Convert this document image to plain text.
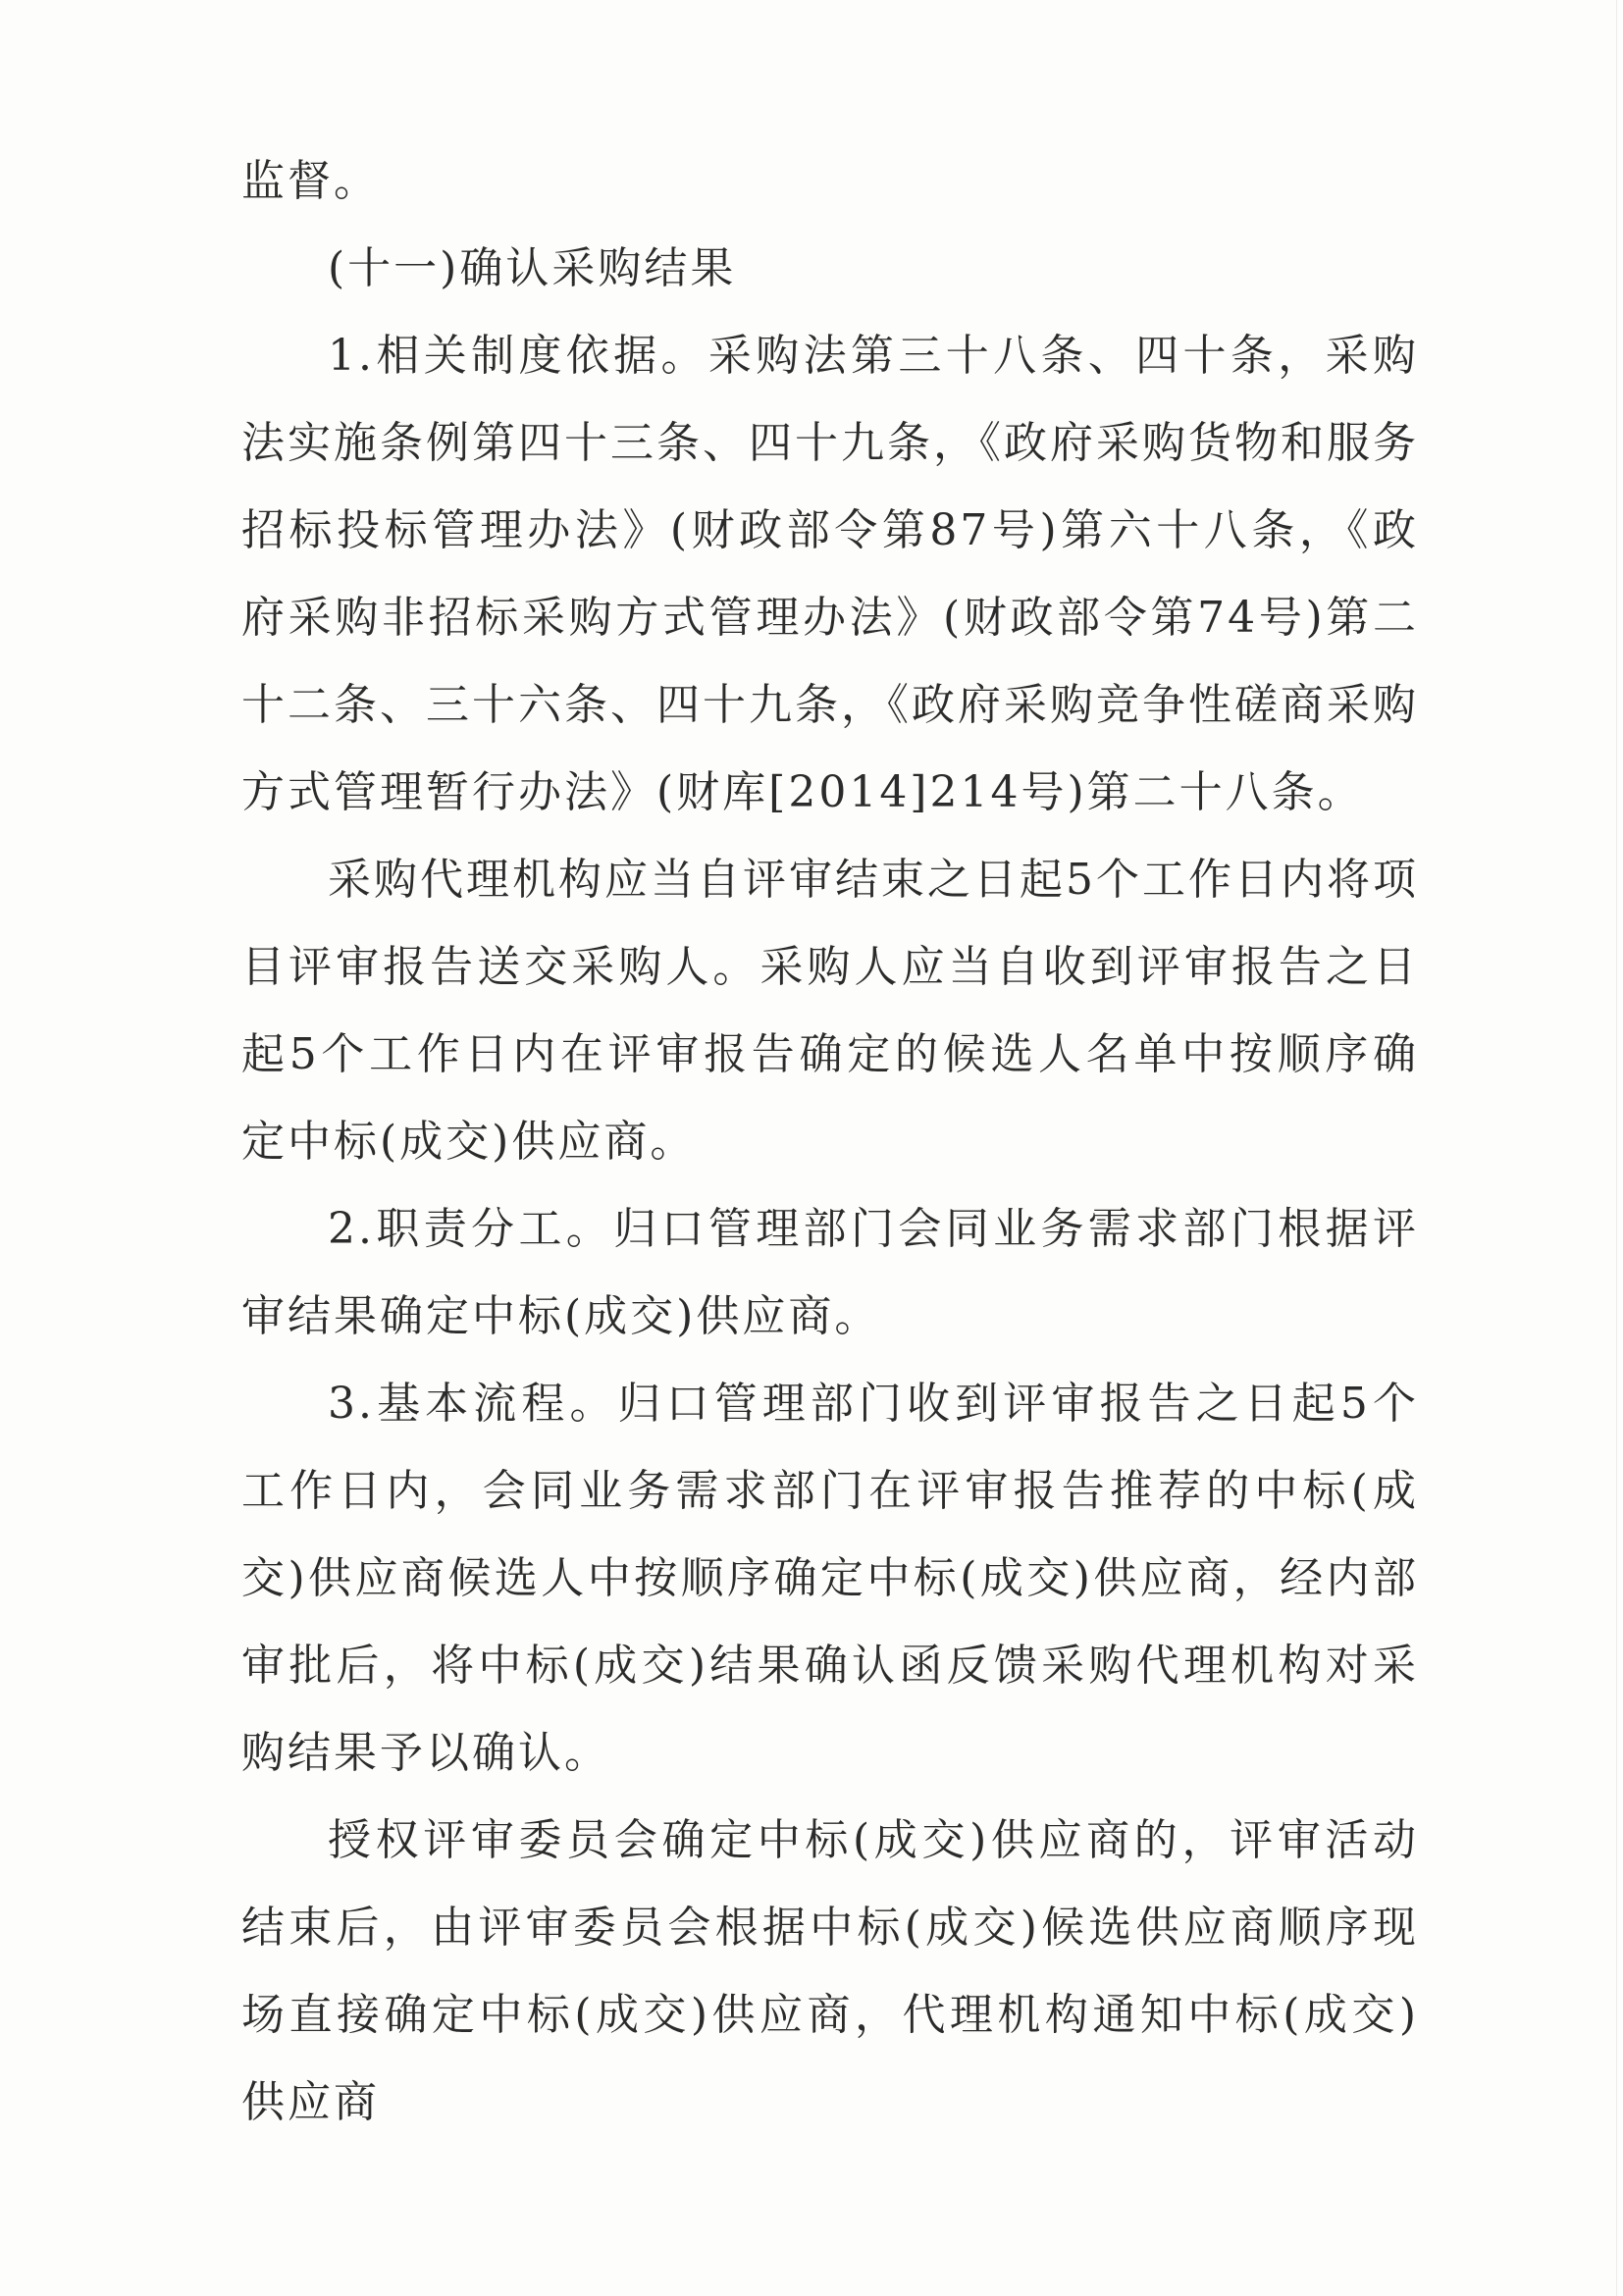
监督。

(十一)确认采购结果

1.相关制度依据。采购法第三十八条、四十条，采购法实施条例第四十三条、四十九条，《政府采购货物和服务招标投标管理办法》(财政部令第87号)第六十八条，《政府采购非招标采购方式管理办法》(财政部令第74号)第二十二条、三十六条、四十九条，《政府采购竞争性磋商采购方式管理暂行办法》(财库[2014]214号)第二十八条。

采购代理机构应当自评审结束之日起5个工作日内将项目评审报告送交采购人。采购人应当自收到评审报告之日起5个工作日内在评审报告确定的候选人名单中按顺序确定中标(成交)供应商。

2.职责分工。归口管理部门会同业务需求部门根据评审结果确定中标(成交)供应商。

3.基本流程。归口管理部门收到评审报告之日起5个工作日内，会同业务需求部门在评审报告推荐的中标(成交)供应商候选人中按顺序确定中标(成交)供应商，经内部审批后，将中标(成交)结果确认函反馈采购代理机构对采购结果予以确认。

授权评审委员会确定中标(成交)供应商的，评审活动结束后，由评审委员会根据中标(成交)候选供应商顺序现场直接确定中标(成交)供应商，代理机构通知中标(成交)供应商
